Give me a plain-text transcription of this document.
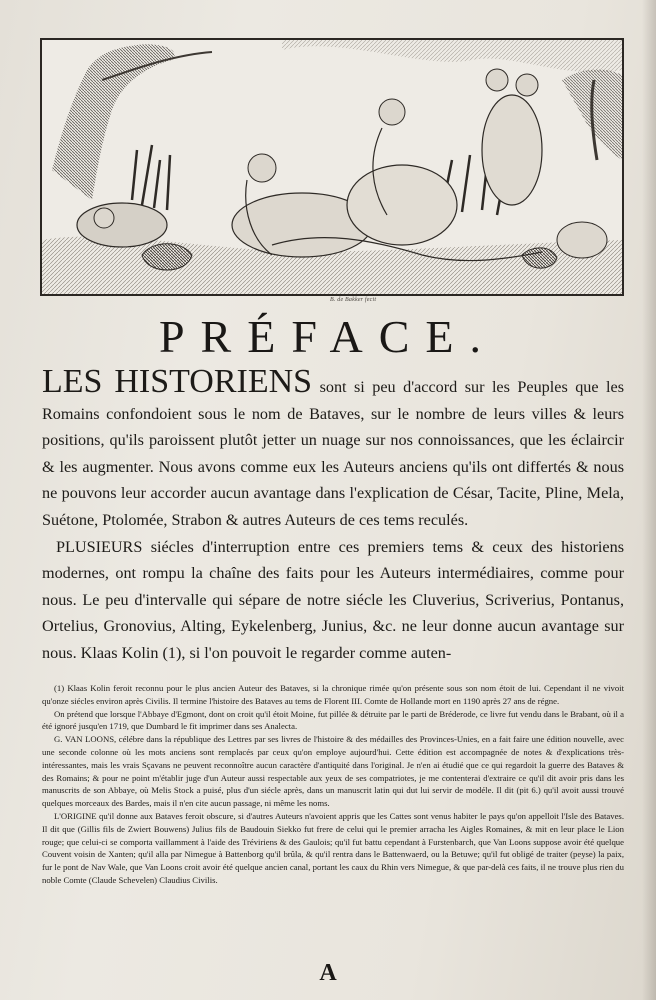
B. de Bakker fecit
PRÉFACE.

LES HISTORIENS sont si peu d'accord sur les Peuples que les Romains confondoient sous le nom de Bataves, sur le nombre de leurs villes & leurs positions, qu'ils paroissent plutôt jetter un nuage sur nos connoissances, que les éclaircir & les augmenter. Nous avons comme eux les Auteurs anciens qu'ils ont differtés & nous ne pouvons leur accorder aucun avantage dans l'explication de César, Tacite, Pline, Mela, Suétone, Ptolomée, Strabon & autres Auteurs de ces tems reculés.

PLUSIEURS siécles d'interruption entre ces premiers tems & ceux des historiens modernes, ont rompu la chaîne des faits pour les Auteurs intermédiaires, comme pour nous. Le peu d'intervalle qui sépare de notre siécle les Cluverius, Scriverius, Pontanus, Ortelius, Gronovius, Alting, Eykelenberg, Junius, &c. ne leur donne aucun avantage sur nous. Klaas Kolin (1), si l'on pouvoit le regarder comme auten-

(1) Klaas Kolin feroit reconnu pour le plus ancien Auteur des Bataves, si la chronique rimée qu'on présente sous son nom étoit de lui. Cependant il ne vivoit qu'onze siécles environ après Civilis. Il termine l'histoire des Bataves au tems de Florent III. Comte de Hollande mort en 1190 après 27 ans de régne.

On prétend que lorsque l'Abbaye d'Egmont, dont on croit qu'il étoit Moine, fut pillée & détruite par le parti de Bréderode, ce livre fut vendu dans le Brabant, où il a été ignoré jusqu'en 1719, que Dumbard le fit imprimer dans ses Analecta.

G. VAN LOONS, célébre dans la république des Lettres par ses livres de l'histoire & des médailles des Provinces-Unies, en a fait faire une édition nouvelle, avec une seconde colonne où les mots anciens sont remplacés par ceux qu'on employe aujourd'hui. Cette édition est accompagnée de notes & d'explications très-intéressantes, mais les vrais Sçavans ne peuvent reconnoître aucun caractère d'antiquité dans l'original. Je n'en ai étudié que ce qui regardoit la guerre des Bataves & des Romains; & pour ne point m'établir juge d'un Auteur aussi respectable aux yeux de ses compatriotes, je me contenterai d'extraire ce qu'il dit avoir pris dans les manuscrits de son Abbaye, où Melis Stock a puisé, plus d'un siécle après, dans un manuscrit latin qui dut lui servir de modéle. Il dit (pit 6.) qu'il avoit aussi trouvé quelques morceaux des Bardes, mais il n'en cite aucun passage, ni même les noms.

L'ORIGINE qu'il donne aux Bataves feroit obscure, si d'autres Auteurs n'avoient appris que les Cattes sont venus habiter le pays qu'on appelloit l'Isle des Bataves. Il dit que (Gillis fils de Zwiert Bouwens) Julius fils de Baudouin Siekko fut frere de celui qui le premier arracha les Aigles Romaines, & mit en leur place le Lion rouge; que celui-ci se comporta vaillamment à l'aide des Tréviriens & des Gaulois; qu'il fut battu cependant à Furstenbarch, que Van Loons suppose avoir été quelque Couvent voisin de Xanten; qu'il alla par Nimegue à Battenborg qu'il brûla, & qu'il rentra dans le Battenwaerd, ou la Betuwe; qu'il fut obligé de traiter (peyse) la paix, fur le pont de Nav Wale, que Van Loons croit avoir été quelque ancien canal, portant les caux du Rhin vers Nimegue, & que par-delà ces faits, il ne trouve plus rien du noble Comte (Claude Schevelen) Claudius Civilis.

A
